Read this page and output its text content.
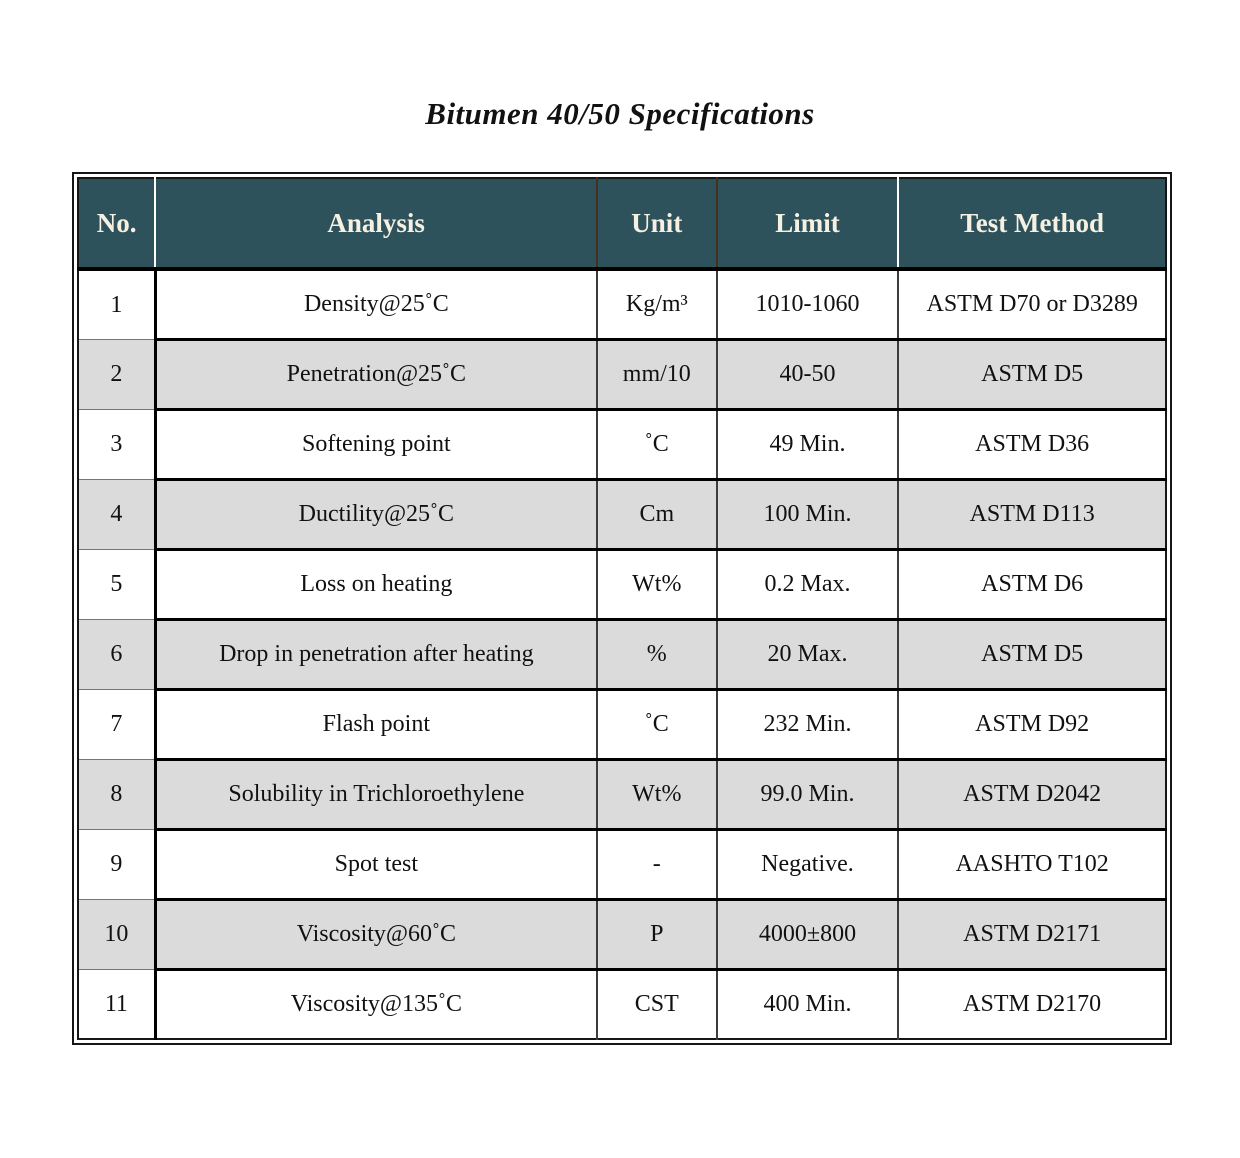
Bitumen 40/50 Specifications
No.	Analysis	Unit	Limit	Test Method
1	Density@25˚C	Kg/m³	1010-1060	ASTM D70 or D3289
2	Penetration@25˚C	mm/10	40-50	ASTM D5
3	Softening point	˚C	49 Min.	ASTM D36
4	Ductility@25˚C	Cm	100 Min.	ASTM D113
5	Loss on heating	Wt%	0.2 Max.	ASTM D6
6	Drop in penetration after heating	%	20 Max.	ASTM D5
7	Flash point	˚C	232 Min.	ASTM D92
8	Solubility in Trichloroethylene	Wt%	99.0 Min.	ASTM D2042
9	Spot test	-	Negative.	AASHTO T102
10	Viscosity@60˚C	P	4000±800	ASTM D2171
11	Viscosity@135˚C	CST	400 Min.	ASTM D2170
